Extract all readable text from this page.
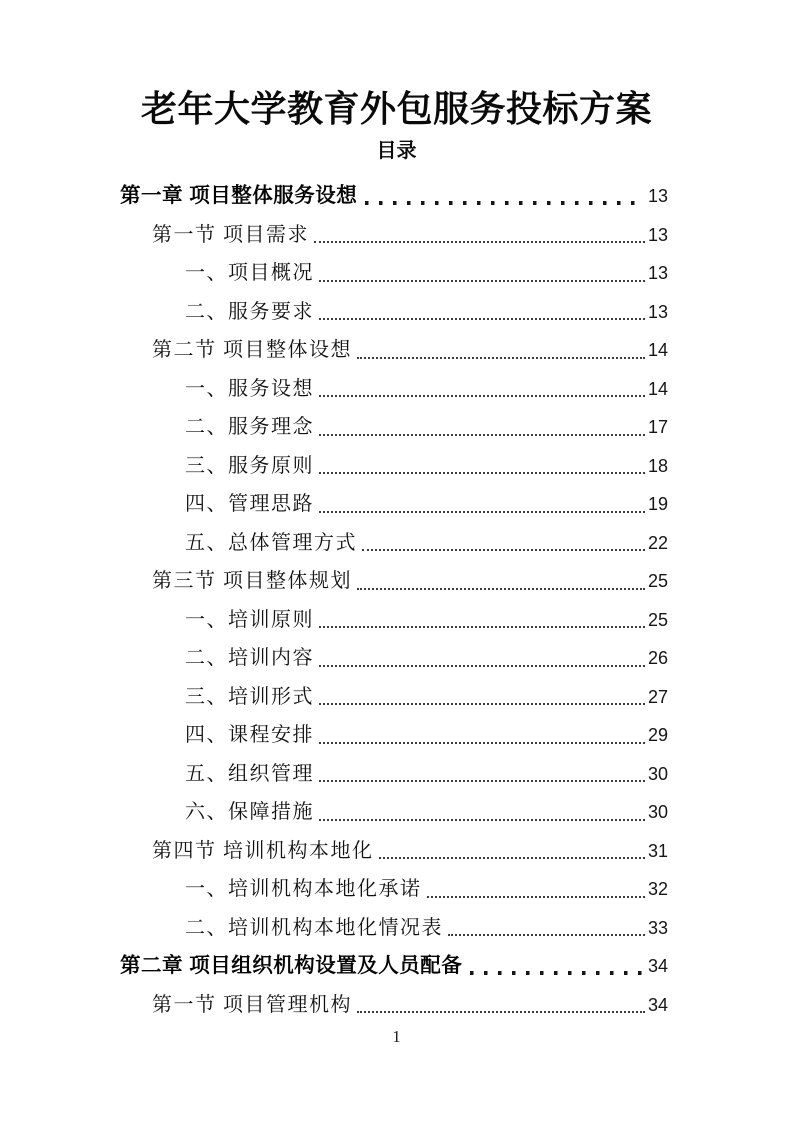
老年大学教育外包服务投标方案
目录
第一章 项目整体服务设想	13
第一节 项目需求	13
一、项目概况	13
二、服务要求	13
第二节 项目整体设想	14
一、服务设想	14
二、服务理念	17
三、服务原则	18
四、管理思路	19
五、总体管理方式	22
第三节 项目整体规划	25
一、培训原则	25
二、培训内容	26
三、培训形式	27
四、课程安排	29
五、组织管理	30
六、保障措施	30
第四节 培训机构本地化	31
一、培训机构本地化承诺	32
二、培训机构本地化情况表	33
第二章 项目组织机构设置及人员配备	34
第一节 项目管理机构	34
1
